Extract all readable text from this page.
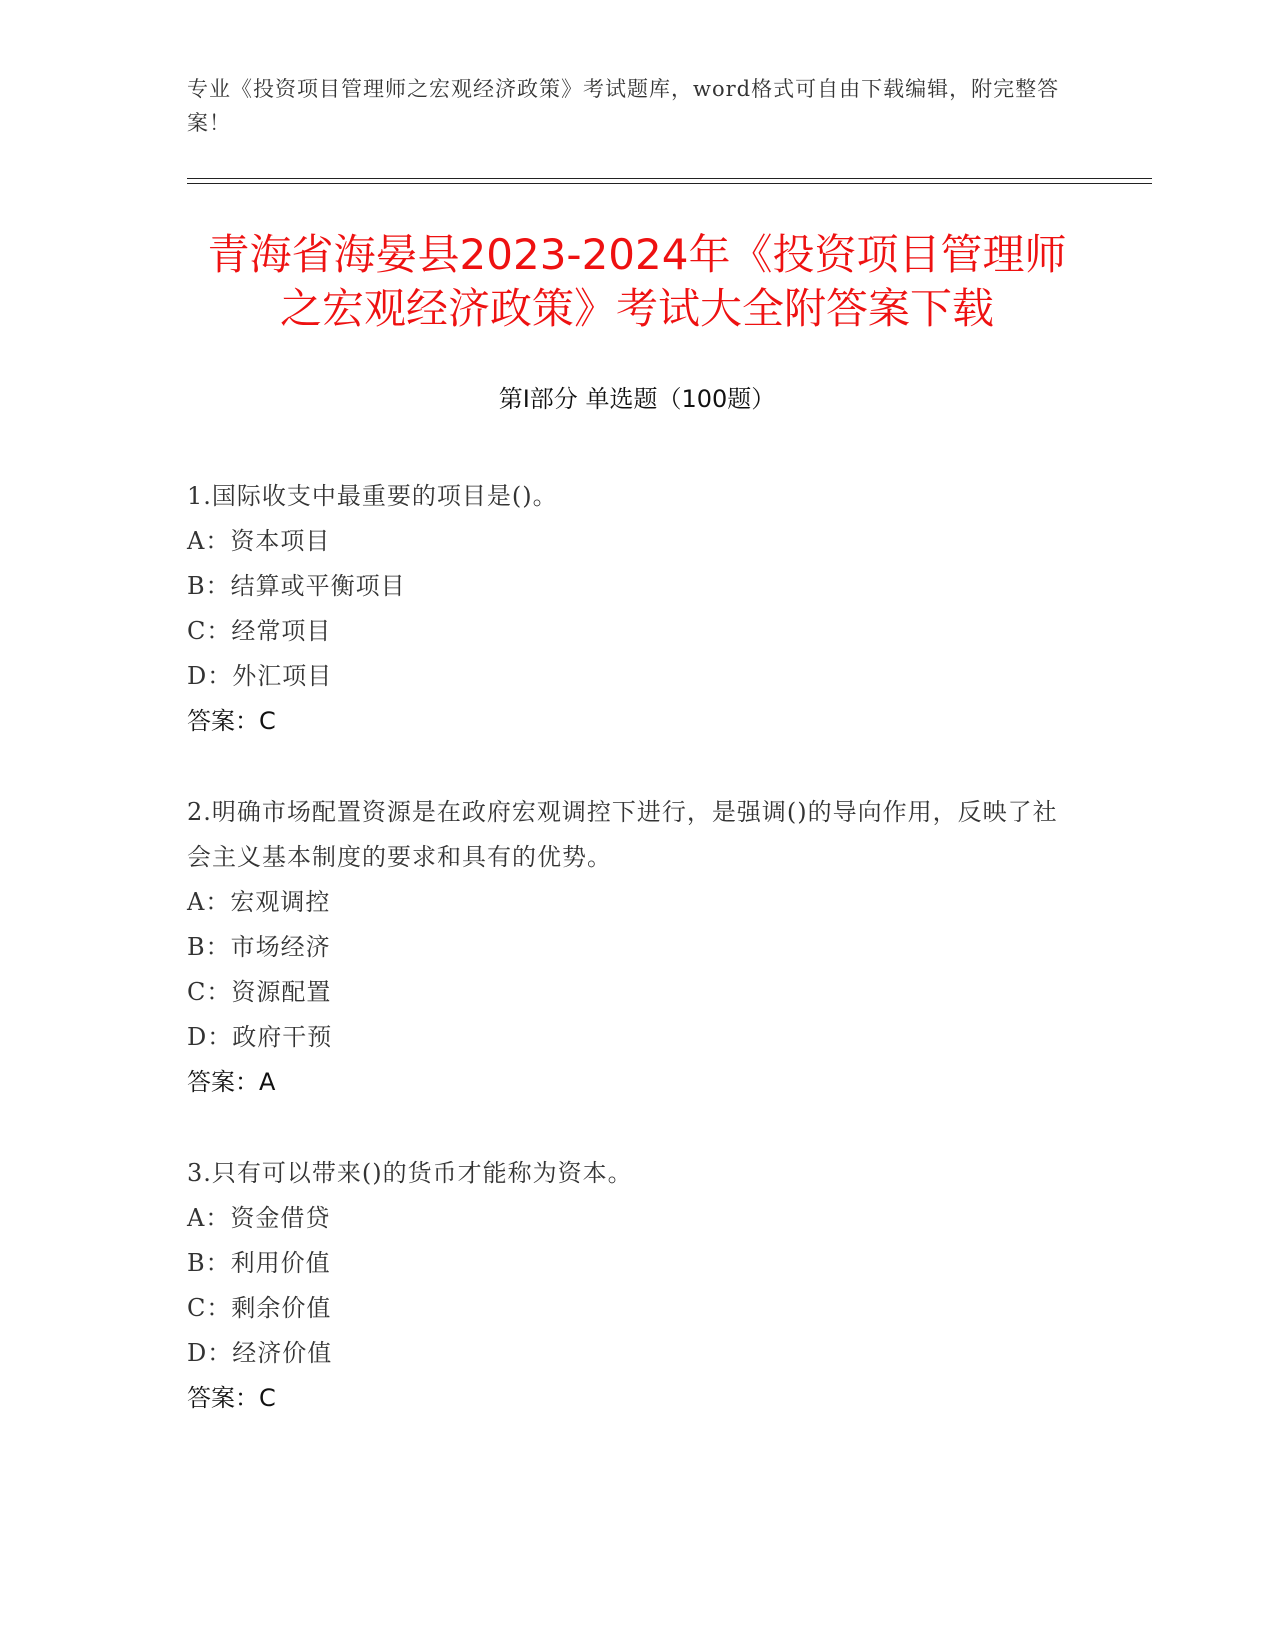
专业《投资项目管理师之宏观经济政策》考试题库，word格式可自由下载编辑，附完整答案！
青海省海晏县2023-2024年《投资项目管理师之宏观经济政策》考试大全附答案下载
第Ⅰ部分 单选题（100题）
1.国际收支中最重要的项目是()。
A：资本项目
B：结算或平衡项目
C：经常项目
D：外汇项目
答案：C
2.明确市场配置资源是在政府宏观调控下进行，是强调()的导向作用，反映了社会主义基本制度的要求和具有的优势。
A：宏观调控
B：市场经济
C：资源配置
D：政府干预
答案：A
3.只有可以带来()的货币才能称为资本。
A：资金借贷
B：利用价值
C：剩余价值
D：经济价值
答案：C
